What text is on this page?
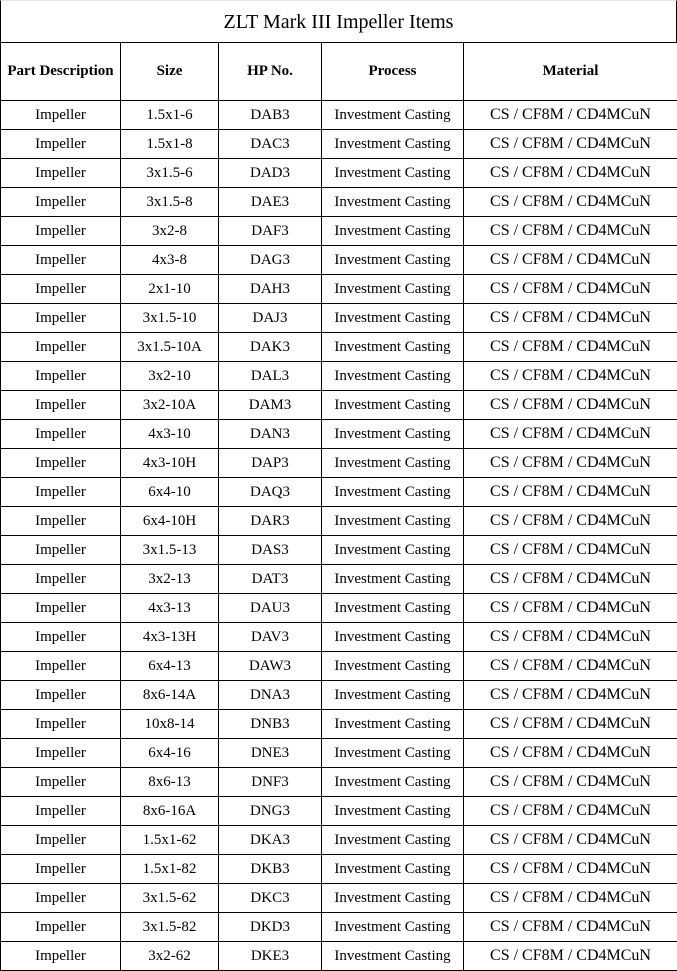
ZLT Mark III Impeller Items
Part Description	Size	HP No.	Process	Material
Impeller	1.5x1-6	DAB3	Investment Casting	CS / CF8M / CD4MCuN
Impeller	1.5x1-8	DAC3	Investment Casting	CS / CF8M / CD4MCuN
Impeller	3x1.5-6	DAD3	Investment Casting	CS / CF8M / CD4MCuN
Impeller	3x1.5-8	DAE3	Investment Casting	CS / CF8M / CD4MCuN
Impeller	3x2-8	DAF3	Investment Casting	CS / CF8M / CD4MCuN
Impeller	4x3-8	DAG3	Investment Casting	CS / CF8M / CD4MCuN
Impeller	2x1-10	DAH3	Investment Casting	CS / CF8M / CD4MCuN
Impeller	3x1.5-10	DAJ3	Investment Casting	CS / CF8M / CD4MCuN
Impeller	3x1.5-10A	DAK3	Investment Casting	CS / CF8M / CD4MCuN
Impeller	3x2-10	DAL3	Investment Casting	CS / CF8M / CD4MCuN
Impeller	3x2-10A	DAM3	Investment Casting	CS / CF8M / CD4MCuN
Impeller	4x3-10	DAN3	Investment Casting	CS / CF8M / CD4MCuN
Impeller	4x3-10H	DAP3	Investment Casting	CS / CF8M / CD4MCuN
Impeller	6x4-10	DAQ3	Investment Casting	CS / CF8M / CD4MCuN
Impeller	6x4-10H	DAR3	Investment Casting	CS / CF8M / CD4MCuN
Impeller	3x1.5-13	DAS3	Investment Casting	CS / CF8M / CD4MCuN
Impeller	3x2-13	DAT3	Investment Casting	CS / CF8M / CD4MCuN
Impeller	4x3-13	DAU3	Investment Casting	CS / CF8M / CD4MCuN
Impeller	4x3-13H	DAV3	Investment Casting	CS / CF8M / CD4MCuN
Impeller	6x4-13	DAW3	Investment Casting	CS / CF8M / CD4MCuN
Impeller	8x6-14A	DNA3	Investment Casting	CS / CF8M / CD4MCuN
Impeller	10x8-14	DNB3	Investment Casting	CS / CF8M / CD4MCuN
Impeller	6x4-16	DNE3	Investment Casting	CS / CF8M / CD4MCuN
Impeller	8x6-13	DNF3	Investment Casting	CS / CF8M / CD4MCuN
Impeller	8x6-16A	DNG3	Investment Casting	CS / CF8M / CD4MCuN
Impeller	1.5x1-62	DKA3	Investment Casting	CS / CF8M / CD4MCuN
Impeller	1.5x1-82	DKB3	Investment Casting	CS / CF8M / CD4MCuN
Impeller	3x1.5-62	DKC3	Investment Casting	CS / CF8M / CD4MCuN
Impeller	3x1.5-82	DKD3	Investment Casting	CS / CF8M / CD4MCuN
Impeller	3x2-62	DKE3	Investment Casting	CS / CF8M / CD4MCuN
